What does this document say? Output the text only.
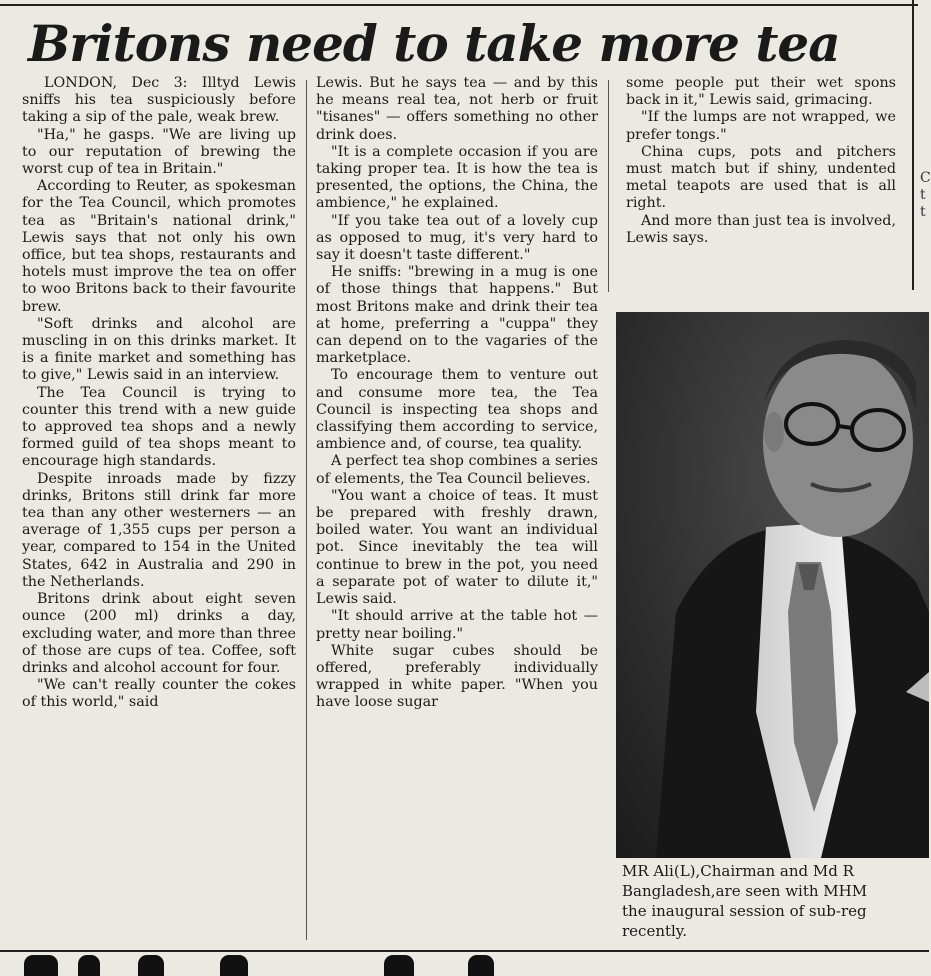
Britons need to take more tea

LONDON, Dec 3: Illtyd Lewis sniffs his tea suspiciously before taking a sip of the pale, weak brew.

"Ha," he gasps. "We are living up to our reputation of brewing the worst cup of tea in Britain."

According to Reuter, as spokesman for the Tea Council, which promotes tea as "Britain's national drink," Lewis says that not only his own office, but tea shops, restaurants and hotels must improve the tea on offer to woo Britons back to their favourite brew.

"Soft drinks and alcohol are muscling in on this drinks market. It is a finite market and something has to give," Lewis said in an interview.

The Tea Council is trying to counter this trend with a new guide to approved tea shops and a newly formed guild of tea shops meant to encourage high standards.

Despite inroads made by fizzy drinks, Britons still drink far more tea than any other westerners — an average of 1,355 cups per person a year, compared to 154 in the United States, 642 in Australia and 290 in the Netherlands.

Britons drink about eight seven ounce (200 ml) drinks a day, excluding water, and more than three of those are cups of tea. Coffee, soft drinks and alcohol account for four.

"We can't really counter the cokes of this world," said

Lewis. But he says tea — and by this he means real tea, not herb or fruit "tisanes" — offers something no other drink does.

"It is a complete occasion if you are taking proper tea. It is how the tea is presented, the options, the China, the ambience," he explained.

"If you take tea out of a lovely cup as opposed to mug, it's very hard to say it doesn't taste different."

He sniffs: "brewing in a mug is one of those things that happens." But most Britons make and drink their tea at home, preferring a "cuppa" they can depend on to the vagaries of the marketplace.

To encourage them to venture out and consume more tea, the Tea Council is inspecting tea shops and classifying them according to service, ambience and, of course, tea quality.

A perfect tea shop combines a series of elements, the Tea Council believes.

"You want a choice of teas. It must be prepared with freshly drawn, boiled water. You want an individual pot. Since inevitably the tea will continue to brew in the pot, you need a separate pot of water to dilute it," Lewis said.

"It should arrive at the table hot — pretty near boiling."

White sugar cubes should be offered, preferably individually wrapped in white paper. "When you have loose sugar

some people put their wet spons back in it," Lewis said, grimacing.

"If the lumps are not wrapped, we prefer tongs."

China cups, pots and pitchers must match but if shiny, undented metal teapots are used that is all right.

And more than just tea is involved, Lewis says.

C
t
t
MR Ali(L),Chairman and Md R
Bangladesh,are seen with MHM
the inaugural session of sub-reg
recently.
